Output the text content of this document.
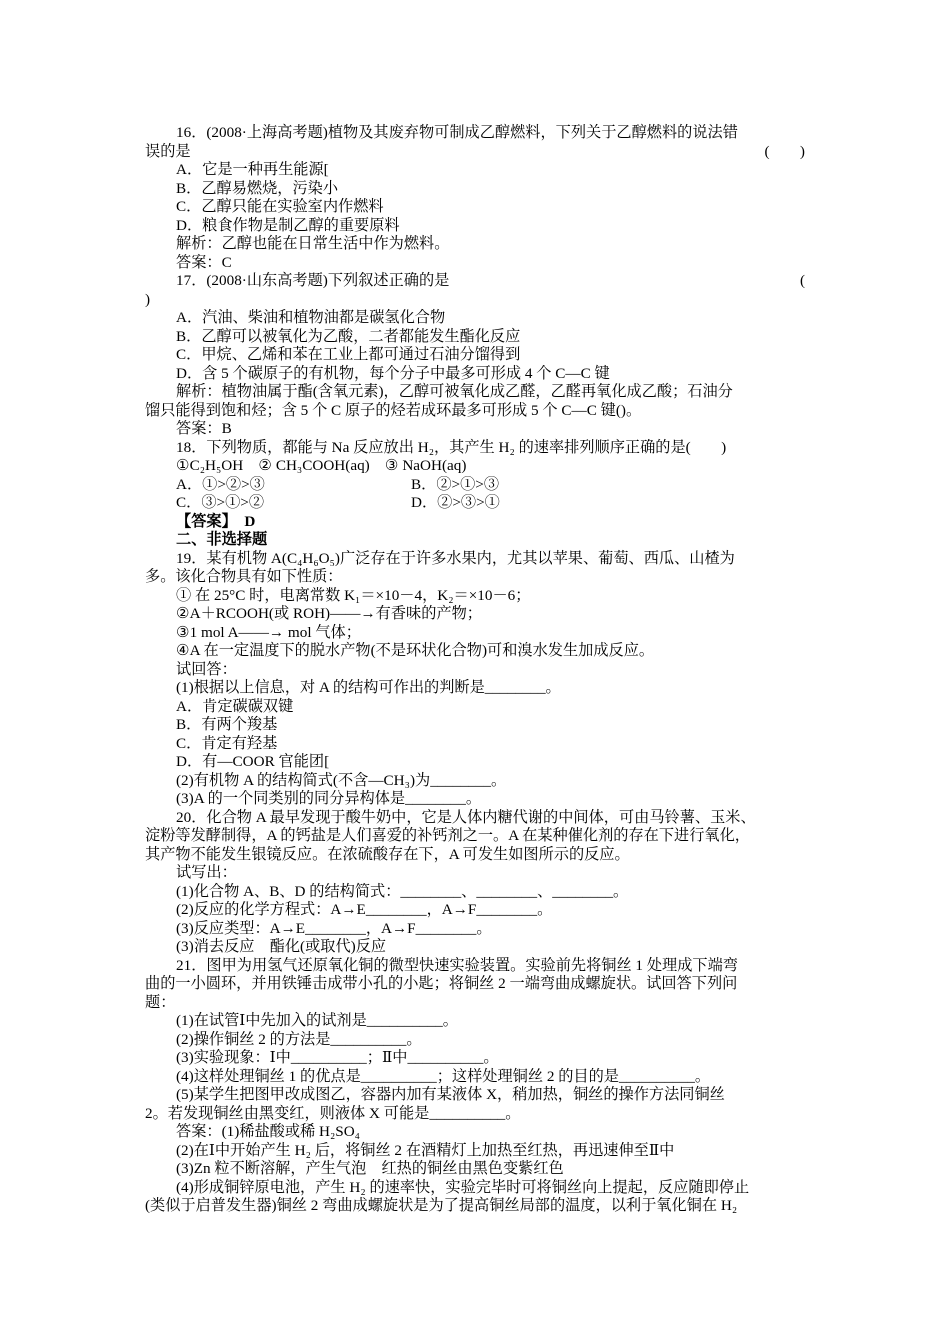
16．(2008·上海高考题)植物及其废弃物可制成乙醇燃料，下列关于乙醇燃料的说法错
误的是	(　　)
A．它是一种再生能源[
B．乙醇易燃烧，污染小
C．乙醇只能在实验室内作燃料
D．粮食作物是制乙醇的重要原料
解析：乙醇也能在日常生活中作为燃料。
答案：C
17．(2008·山东高考题)下列叙述正确的是	(
)
A．汽油、柴油和植物油都是碳氢化合物
B．乙醇可以被氧化为乙酸，二者都能发生酯化反应
C．甲烷、乙烯和苯在工业上都可通过石油分馏得到
D．含 5 个碳原子的有机物，每个分子中最多可形成 4 个 C—C 键
解析：植物油属于酯(含氧元素)，乙醇可被氧化成乙醛，乙醛再氧化成乙酸；石油分
馏只能得到饱和烃；含 5 个 C 原子的烃若成环最多可形成 5 个 C—C 键()。
答案：B
18．下列物质，都能与 Na 反应放出 H₂，其产生 H₂ 的速率排列顺序正确的是(　　)
①C₂H₅OH　② CH₃COOH(aq)　③ NaOH(aq)
A．①>②>③	B．②>①>③
C．③>①>②	D．②>③>①
【答案】　D
二、非选择题
19．某有机物 A(C₄H₆O₅)广泛存在于许多水果内，尤其以苹果、葡萄、西瓜、山楂为
多。该化合物具有如下性质：
① 在 25°C 时，电离常数 K₁＝×10－4，K₂＝×10－6；
②A＋RCOOH(或 ROH)——→有香味的产物；
③1 mol A——→ mol 气体；
④A 在一定温度下的脱水产物(不是环状化合物)可和溴水发生加成反应。
试回答：
(1)根据以上信息，对 A 的结构可作出的判断是________。
A．肯定碳碳双键
B．有两个羧基
C．肯定有羟基
D．有—COOR 官能团[
(2)有机物 A 的结构简式(不含—CH₃)为________。
(3)A 的一个同类别的同分异构体是________。
20．化合物 A 最早发现于酸牛奶中，它是人体内糖代谢的中间体，可由马铃薯、玉米、
淀粉等发酵制得，A 的钙盐是人们喜爱的补钙剂之一。A 在某种催化剂的存在下进行氧化，
其产物不能发生银镜反应。在浓硫酸存在下，A 可发生如图所示的反应。
试写出：
(1)化合物 A、B、D 的结构简式：________、________、________。
(2)反应的化学方程式：A→E________，A→F________。
(3)反应类型：A→E________，A→F________。
(3)消去反应　酯化(或取代)反应
21．图甲为用氢气还原氧化铜的微型快速实验装置。实验前先将铜丝 1 处理成下端弯
曲的一小圆环，并用铁锤击成带小孔的小匙；将铜丝 2 一端弯曲成螺旋状。试回答下列问
题：
(1)在试管Ⅰ中先加入的试剂是__________。
(2)操作铜丝 2 的方法是__________。
(3)实验现象：Ⅰ中__________；Ⅱ中__________。
(4)这样处理铜丝 1 的优点是__________；这样处理铜丝 2 的目的是__________。
(5)某学生把图甲改成图乙，容器内加有某液体 X，稍加热，铜丝的操作方法同铜丝
2。若发现铜丝由黑变红，则液体 X 可能是__________。
答案：(1)稀盐酸或稀 H₂SO₄
(2)在Ⅰ中开始产生 H₂ 后，将铜丝 2 在酒精灯上加热至红热，再迅速伸至Ⅱ中
(3)Zn 粒不断溶解，产生气泡　红热的铜丝由黑色变紫红色
(4)形成铜锌原电池，产生 H₂ 的速率快，实验完毕时可将铜丝向上提起，反应随即停止
(类似于启普发生器)铜丝 2 弯曲成螺旋状是为了提高铜丝局部的温度，以利于氧化铜在 H₂
